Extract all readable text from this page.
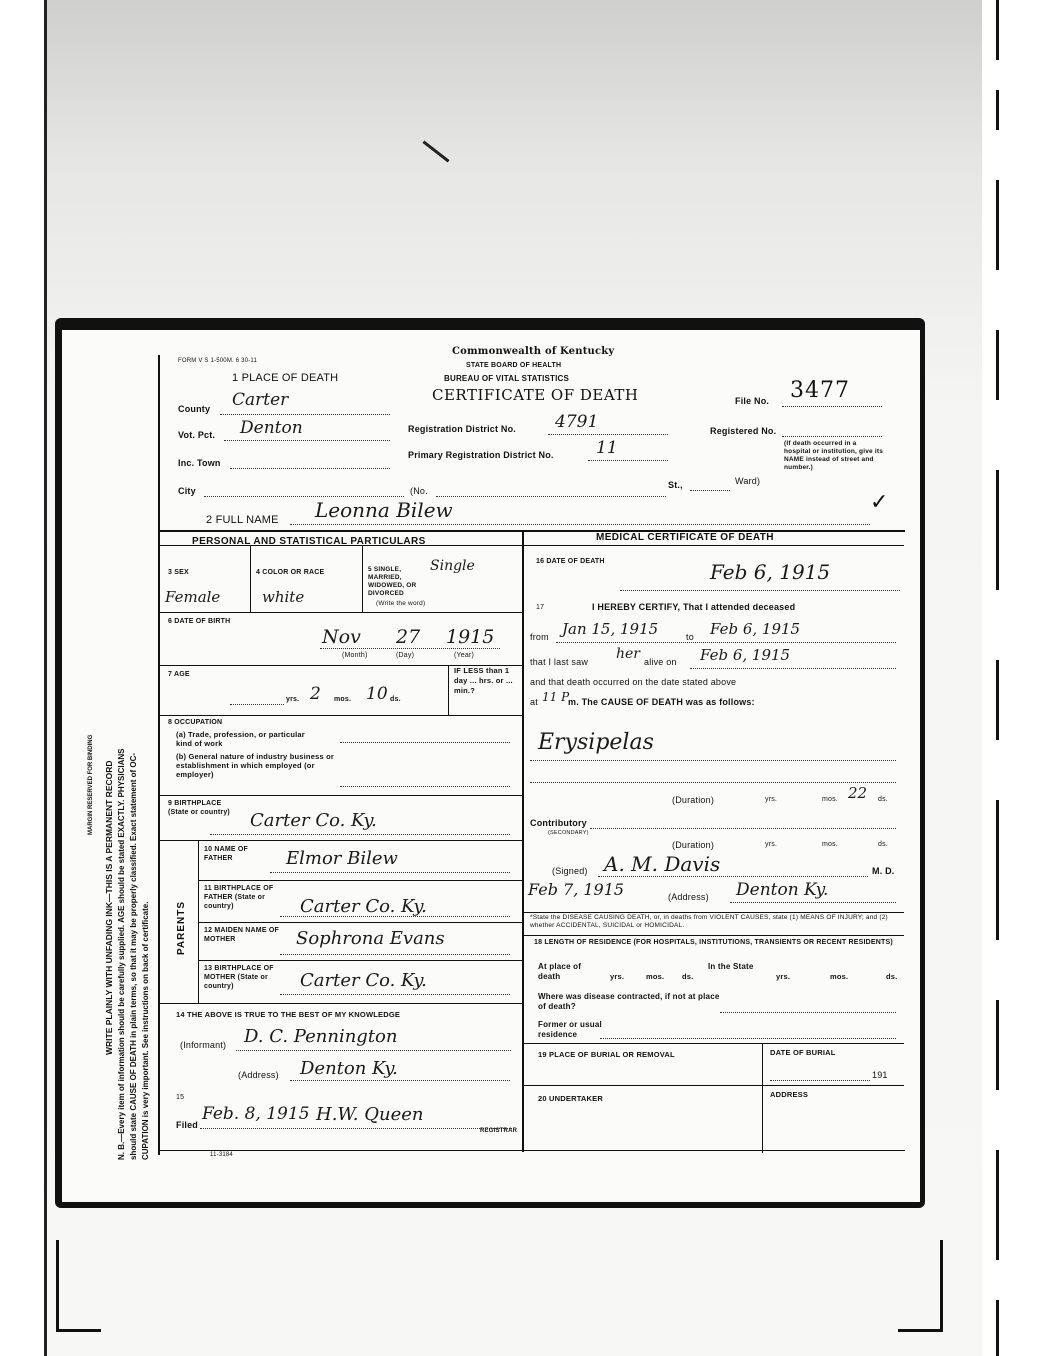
MARGIN RESERVED FOR BINDING WRITE PLAINLY WITH UNFADING INK—THIS IS A PERMANENT RECORD N. B.—Every item of information should be carefully supplied. AGE should be stated EXACTLY. PHYSICIANS should state CAUSE OF DEATH in plain terms, so that it may be properly classified. Exact statement of OC- CUPATION is very important. See instructions on back of certificate.
FORM V S 1-500M. 6 30-11
Commonwealth of Kentucky
STATE BOARD OF HEALTH
BUREAU OF VITAL STATISTICS
CERTIFICATE OF DEATH	File No. 3477
Registered No.
1 PLACE OF DEATH
County Carter
Vot. Pct. Denton
Inc. Town
City	(No.
St.,	Ward)
Registration District No. 4791
Primary Registration District No. 11	(If death occurred in a hospital or institution, give its NAME instead of street and number.)
2 FULL NAME Leonna Bilew	✓
PERSONAL AND STATISTICAL PARTICULARS
3 SEX
Female
4 COLOR OR RACE
white
5 SINGLE, MARRIED, WIDOWED, OR DIVORCED
(Write the word)
Single
6 DATE OF BIRTH
Nov 27 1915
(Month)	(Day)	(Year)
7 AGE
yrs. 2 mos. 10 ds.
IF LESS than 1 day ... hrs. or ... min.?
8 OCCUPATION
(a) Trade, profession, or particular kind of work
(b) General nature of industry business or establishment in which employed (or employer)
9 BIRTHPLACE (State or country)	Carter Co. Ky.
PARENTS
10 NAME OF FATHER	Elmor Bilew
11 BIRTHPLACE OF FATHER (State or country)	Carter Co. Ky.
12 MAIDEN NAME OF MOTHER	Sophrona Evans
13 BIRTHPLACE OF MOTHER (State or country)	Carter Co. Ky.
14 THE ABOVE IS TRUE TO THE BEST OF MY KNOWLEDGE
(Informant) D. C. Pennington
(Address) Denton Ky.
15
Filed
Feb. 8, 1915 H.W. Queen
REGISTRAR
11-3184
MEDICAL CERTIFICATE OF DEATH
16 DATE OF DEATH	Feb 6, 1915
17	I HEREBY CERTIFY, That I attended deceased
from Jan 15, 1915	to Feb 6, 1915
that I last saw her alive on Feb 6, 1915
and that death occurred on the date stated above
at 11 P
m. The CAUSE OF DEATH was as follows:
Erysipelas
(Duration)	yrs.	mos. 22 ds.
Contributory
(SECONDARY)
(Duration)	yrs.	mos.	ds.
(Signed) A. M. Davis	M. D.
Feb 7, 1915	(Address) Denton Ky.
*State the DISEASE CAUSING DEATH, or, in deaths from VIOLENT CAUSES, state (1) MEANS OF INJURY; and (2) whether ACCIDENTAL, SUICIDAL or HOMICIDAL.
18 LENGTH OF RESIDENCE (FOR HOSPITALS, INSTITUTIONS, TRANSIENTS OR RECENT RESIDENTS)
At place of death	yrs.	mos. ds.
In the State
yrs.	mos.	ds.
Where was disease contracted, if not at place of death?
Former or usual residence
19 PLACE OF BURIAL OR REMOVAL	DATE OF BURIAL
191
20 UNDERTAKER	ADDRESS
